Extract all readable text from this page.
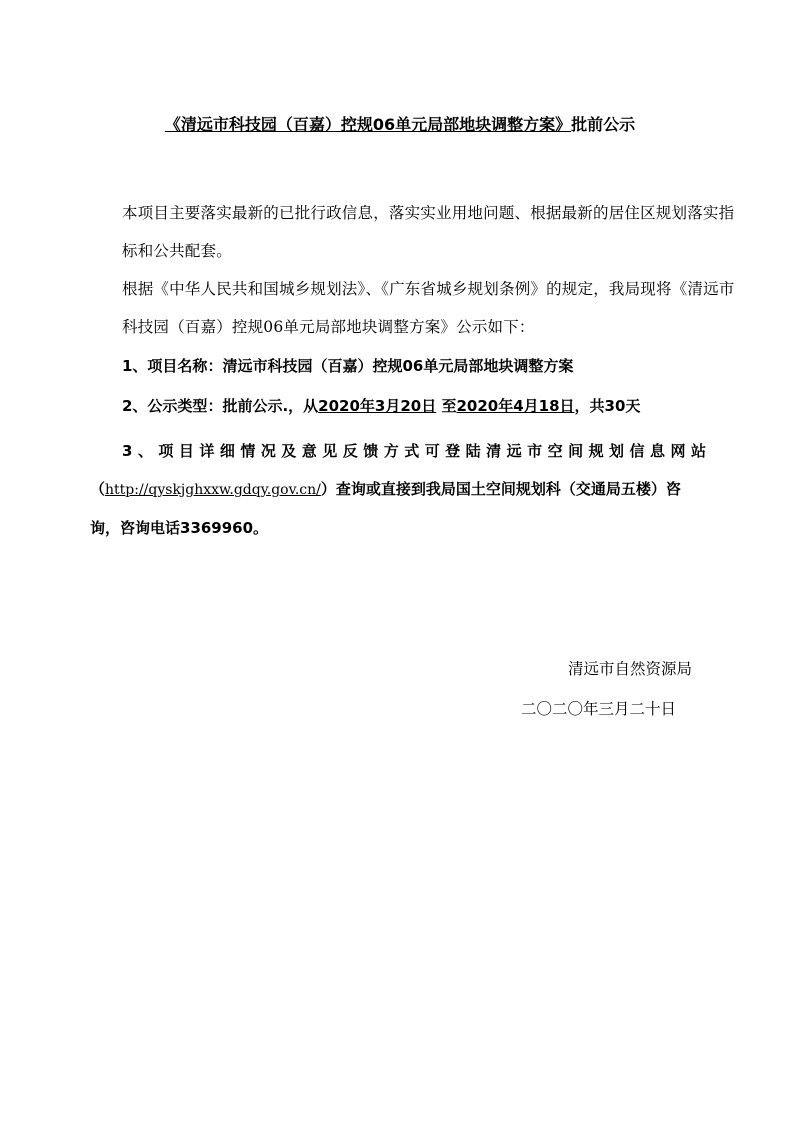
《清远市科技园（百嘉）控规06单元局部地块调整方案》批前公示
本项目主要落实最新的已批行政信息，落实实业用地问题、根据最新的居住区规划落实指标和公共配套。
根据《中华人民共和国城乡规划法》、《广东省城乡规划条例》的规定，我局现将《清远市科技园（百嘉）控规06单元局部地块调整方案》公示如下：
1、项目名称：清远市科技园（百嘉）控规06单元局部地块调整方案
2、公示类型：批前公示.，从2020年3月20日 至2020年4月18日，共30天
3、项目详细情况及意见反馈方式可登陆清远市空间规划信息网站
（http://qyskjghxxw.gdqy.gov.cn/）查询或直接到我局国土空间规划科（交通局五楼）咨询，咨询电话3369960。
清远市自然资源局
二〇二〇年三月二十日
